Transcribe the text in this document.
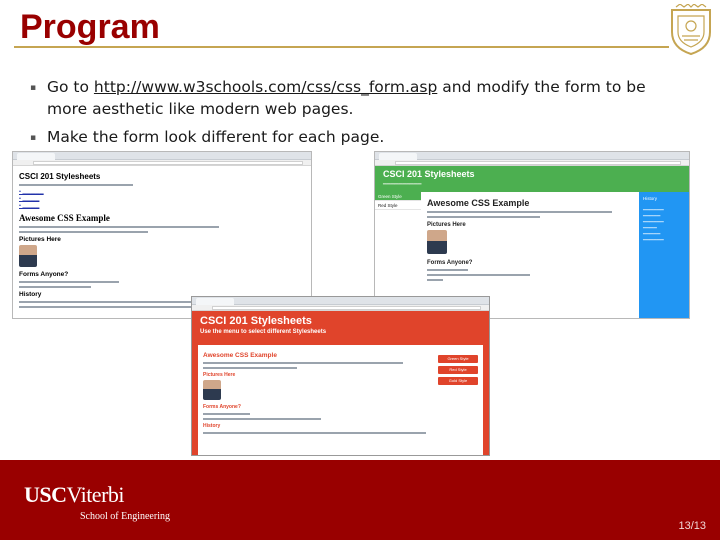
Program
▪ Go to http://www.w3schools.com/css/css_form.asp and modify the form to be more aesthetic like modern web pages.
▪ Make the form look different for each page.
CSCI 201 Stylesheets
• ▁▁▁▁▁
• ▁▁▁▁
• ▁▁▁▁
Awesome CSS Example
Pictures Here
Forms Anyone?
History
CSCI 201 Stylesheets
▁▁▁▁▁▁▁▁▁▁
Green Style
Red Style	Awesome CSS Example
Pictures Here
Forms Anyone?
History
▁▁▁▁▁▁
▁▁▁▁▁
▁▁▁▁▁▁
▁▁▁▁
▁▁▁▁▁
▁▁▁▁▁▁
CSCI 201 Stylesheets
Use the menu to select different Stylesheets
Awesome CSS Example
Pictures Here
Forms Anyone?
History
Green Style
Red Style
Gold Style
USCViterbi
School of Engineering
13/13
